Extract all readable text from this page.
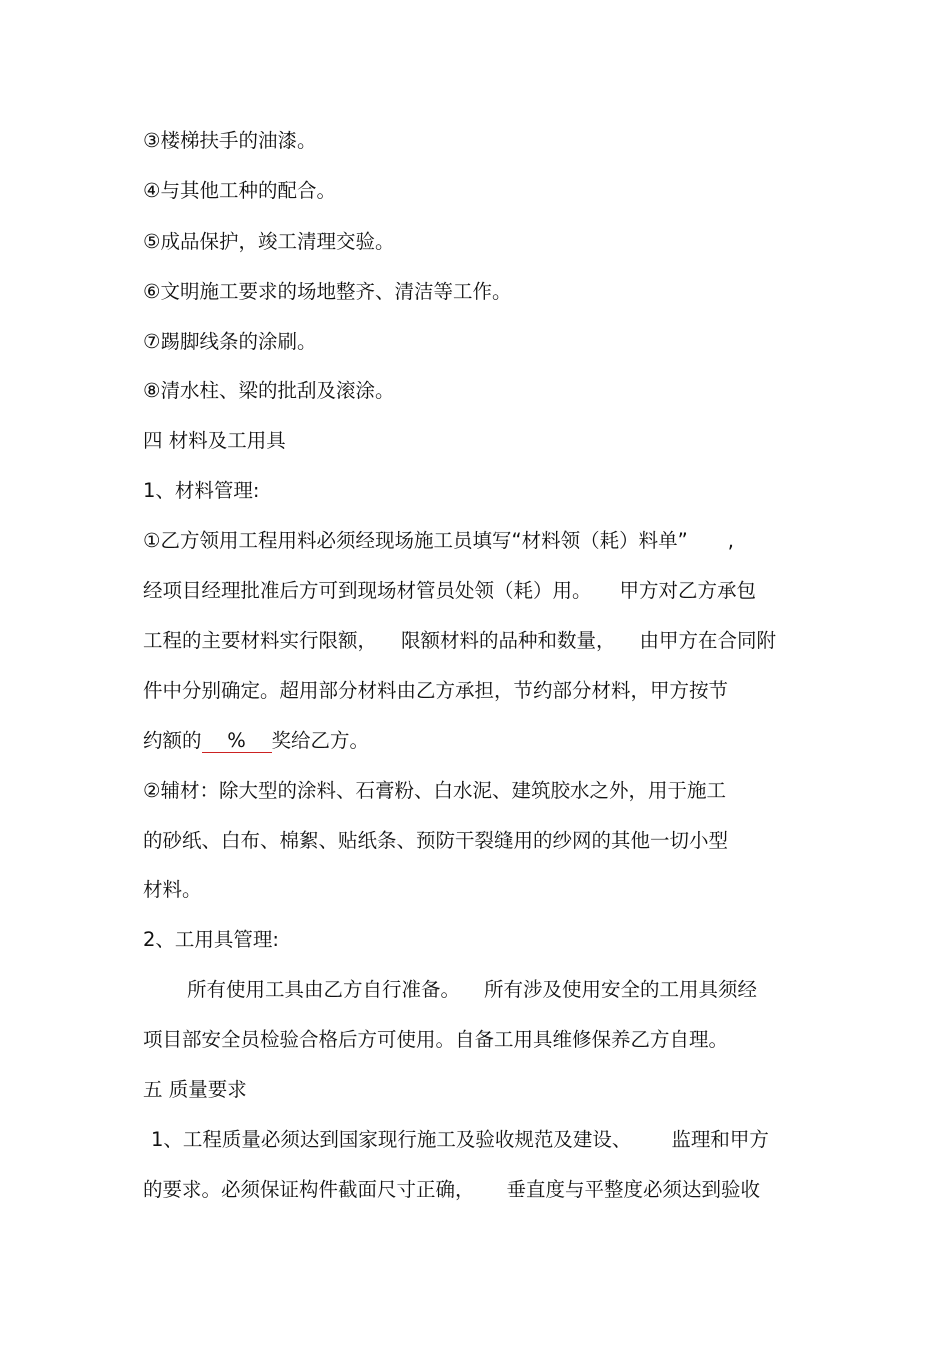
③楼梯扶手的油漆。
④与其他工种的配合。
⑤成品保护，竣工清理交验。
⑥文明施工要求的场地整齐、清洁等工作。
⑦踢脚线条的涂刷。
⑧清水柱、梁的批刮及滚涂。
四 材料及工用具
1、材料管理:
①乙方领用工程用料必须经现场施工员填写“材料领（耗）料单” ,
经项目经理批准后方可到现场材管员处领（耗）用。 甲方对乙方承包
工程的主要材料实行限额， 限额材料的品种和数量， 由甲方在合同附
件中分别确定。超用部分材料由乙方承担，节约部分材料，甲方按节
约额的 % 奖给乙方。
②辅材：除大型的涂料、石膏粉、白水泥、建筑胶水之外，用于施工
的砂纸、白布、棉絮、贴纸条、预防干裂缝用的纱网的其他一切小型
材料。
2、工用具管理:
所有使用工具由乙方自行准备。 所有涉及使用安全的工用具须经
项目部安全员检验合格后方可使用。自备工用具维修保养乙方自理。
五 质量要求
1、工程质量必须达到国家现行施工及验收规范及建设、 监理和甲方
的要求。必须保证构件截面尺寸正确， 垂直度与平整度必须达到验收
